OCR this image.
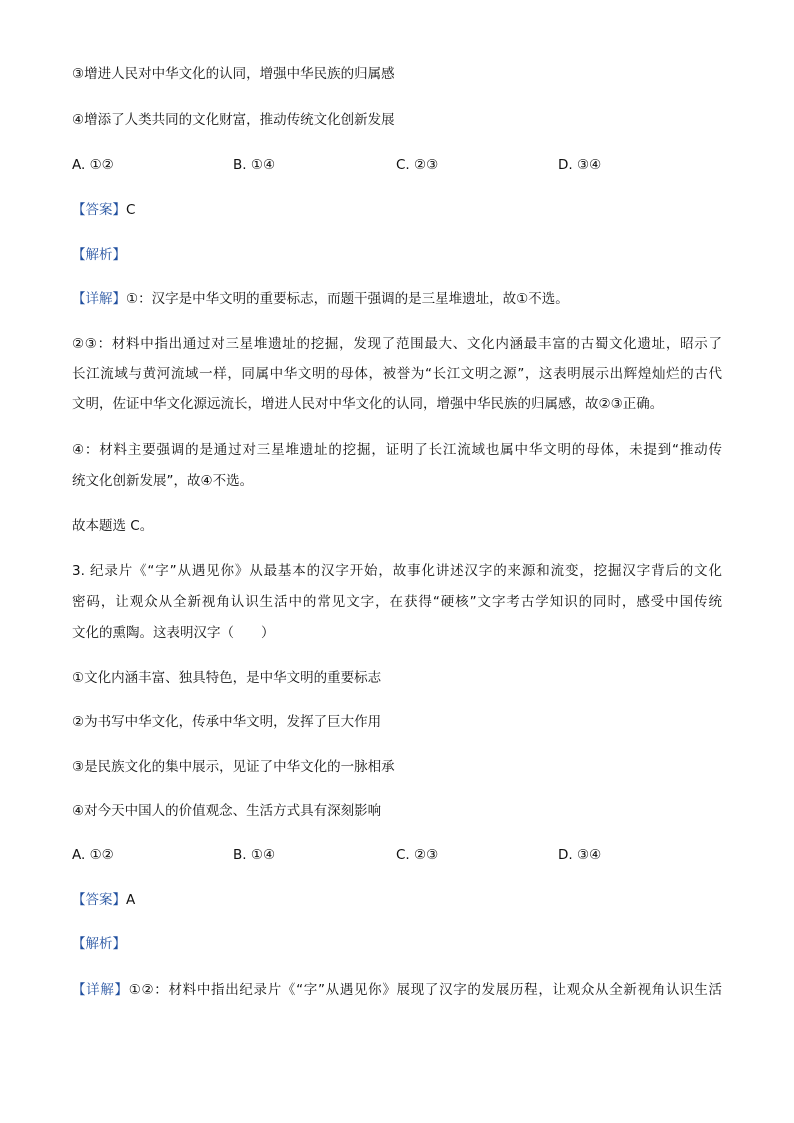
③增进人民对中华文化的认同，增强中华民族的归属感
④增添了人类共同的文化财富，推动传统文化创新发展
A. ①②	B. ①④	C. ②③	D. ③④
【答案】C
【解析】
【详解】①：汉字是中华文明的重要标志，而题干强调的是三星堆遗址，故①不选。
②③：材料中指出通过对三星堆遗址的挖掘，发现了范围最大、文化内涵最丰富的古蜀文化遗址，昭示了
长江流域与黄河流域一样，同属中华文明的母体，被誉为“长江文明之源”，这表明展示出辉煌灿烂的古代
文明，佐证中华文化源远流长，增进人民对中华文化的认同，增强中华民族的归属感，故②③正确。
④：材料主要强调的是通过对三星堆遗址的挖掘，证明了长江流域也属中华文明的母体，未提到“推动传
统文化创新发展”，故④不选。
故本题选 C。
3. 纪录片《“字”从遇见你》从最基本的汉字开始，故事化讲述汉字的来源和流变，挖掘汉字背后的文化
密码，让观众从全新视角认识生活中的常见文字，在获得“硬核”文字考古学知识的同时，感受中国传统
文化的熏陶。这表明汉字（　　）
①文化内涵丰富、独具特色，是中华文明的重要标志
②为书写中华文化，传承中华文明，发挥了巨大作用
③是民族文化的集中展示，见证了中华文化的一脉相承
④对今天中国人的价值观念、生活方式具有深刻影响
A. ①②	B. ①④	C. ②③	D. ③④
【答案】A
【解析】
【详解】①②：材料中指出纪录片《“字”从遇见你》展现了汉字的发展历程，让观众从全新视角认识生活
